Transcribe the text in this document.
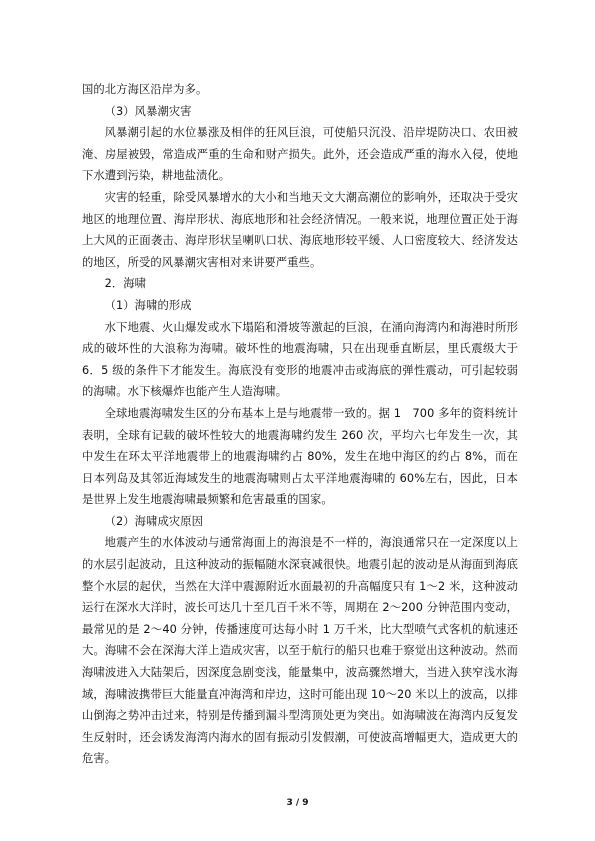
国的北方海区沿岸为多。

（3）风暴潮灾害

风暴潮引起的水位暴涨及相伴的狂风巨浪，可使船只沉没、沿岸堤防决口、农田被淹、房屋被毁，常造成严重的生命和财产损失。此外，还会造成严重的海水入侵，使地下水遭到污染，耕地盐渍化。

灾害的轻重，除受风暴增水的大小和当地天文大潮高潮位的影响外，还取决于受灾地区的地理位置、海岸形状、海底地形和社会经济情况。一般来说，地理位置正处于海上大风的正面袭击、海岸形状呈喇叭口状、海底地形较平缓、人口密度较大、经济发达的地区，所受的风暴潮灾害相对来讲要严重些。

2．海啸

（1）海啸的形成

水下地震、火山爆发或水下塌陷和滑坡等激起的巨浪，在涌向海湾内和海港时所形成的破坏性的大浪称为海啸。破坏性的地震海啸，只在出现垂直断层，里氏震级大于 6．5 级的条件下才能发生。海底没有变形的地震冲击或海底的弹性震动，可引起较弱的海啸。水下核爆炸也能产生人造海啸。

全球地震海啸发生区的分布基本上是与地震带一致的。据 1　700 多年的资料统计表明，全球有记载的破坏性较大的地震海啸约发生 260 次，平均六七年发生一次，其中发生在环太平洋地震带上的地震海啸约占 80%，发生在地中海区的约占 8%，而在日本列岛及其邻近海域发生的地震海啸则占太平洋地震海啸的 60%左右，因此，日本是世界上发生地震海啸最频繁和危害最重的国家。

（2）海啸成灾原因

地震产生的水体波动与通常海面上的海浪是不一样的，海浪通常只在一定深度以上的水层引起波动，且这种波动的振幅随水深衰减很快。地震引起的波动是从海面到海底整个水层的起伏，当然在大洋中震源附近水面最初的升高幅度只有 1～2 米，这种波动运行在深水大洋时，波长可达几十至几百千米不等，周期在 2～200 分钟范围内变动，最常见的是 2～40 分钟，传播速度可达每小时 1 万千米，比大型喷气式客机的航速还大。海啸不会在深海大洋上造成灾害，以至于航行的船只也难于察觉出这种波动。然而海啸波进入大陆架后，因深度急剧变浅，能量集中，波高骤然增大，当进入狭窄浅水海域，海啸波携带巨大能量直冲海湾和岸边，这时可能出现 10～20 米以上的波高，以排山倒海之势冲击过来，特别是传播到漏斗型湾顶处更为突出。如海啸波在海湾内反复发生反射时，还会诱发海湾内海水的固有振动引发假潮，可使波高增幅更大，造成更大的危害。

3 / 9
